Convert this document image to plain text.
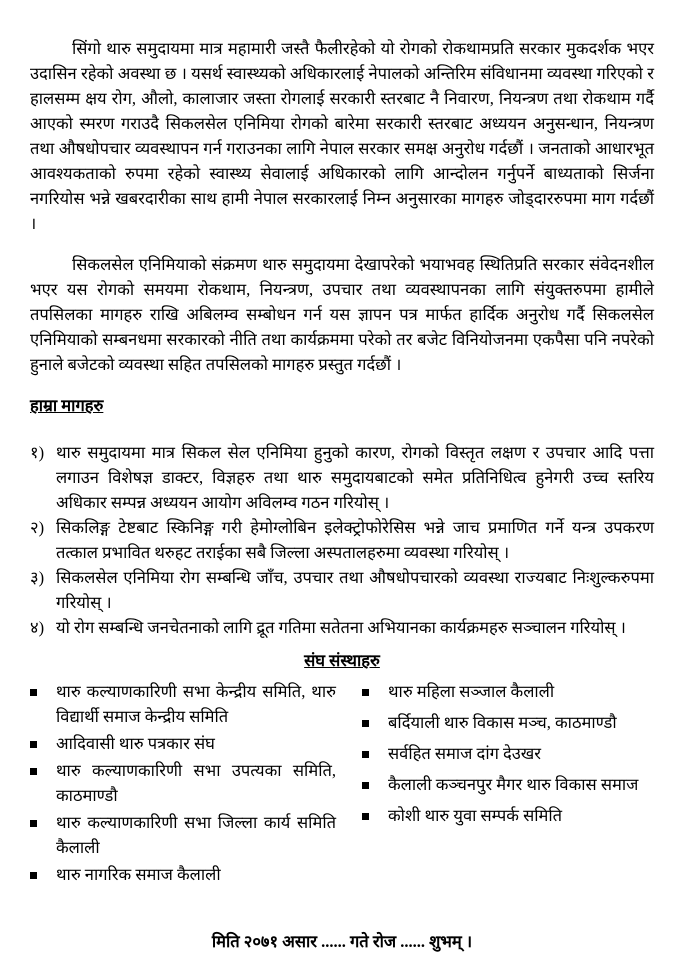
सिंगो थारु समुदायमा मात्र महामारी जस्तै फैलीरहेको यो रोगको रोकथामप्रति सरकार मुकदर्शक भएर उदासिन रहेको अवस्था छ । यसर्थ स्वास्थ्यको अधिकारलाई नेपालको अन्तिरिम संविधानमा व्यवस्था गरिएको र हालसम्म क्षय रोग, औलो, कालाजार जस्ता रोगलाई सरकारी स्तरबाट नै निवारण, नियन्त्रण तथा रोकथाम गर्दै आएको स्मरण गराउदै सिकलसेल एनिमिया रोगको बारेमा सरकारी स्तरबाट अध्ययन अनुसन्धान, नियन्त्रण तथा औषधोपचार व्यवस्थापन गर्न गराउनका लागि नेपाल सरकार समक्ष अनुरोध गर्दछौं । जनताको आधारभूत आवश्यकताको रुपमा रहेको स्वास्थ्य सेवालाई अधिकारको लागि आन्दोलन गर्नुपर्ने बाध्यताको सिर्जना नगरियोस भन्ने खबरदारीका साथ हामी नेपाल सरकारलाई निम्न अनुसारका मागहरु जोड्दाररुपमा माग गर्दछौं ।

सिकलसेल एनिमियाको संक्रमण थारु समुदायमा देखापरेको भयाभवह स्थितिप्रति सरकार संवेदनशील भएर यस रोगको समयमा रोकथाम, नियन्त्रण, उपचार तथा व्यवस्थापनका लागि संयुक्तरुपमा हामीले तपसिलका मागहरु राखि अबिलम्व सम्बोधन गर्न यस ज्ञापन पत्र मार्फत हार्दिक अनुरोध गर्दै सिकलसेल एनिमियाको सम्बनधमा सरकारको नीति तथा कार्यक्रममा परेको तर बजेट विनियोजनमा एकपैसा पनि नपरेको हुनाले बजेटको व्यवस्था सहित तपसिलको मागहरु प्रस्तुत गर्दछौं ।

हाम्रा मागहरु
१) थारु समुदायमा मात्र सिकल सेल एनिमिया हुनुको कारण, रोगको विस्तृत लक्षण र उपचार आदि पत्ता लगाउन विशेषज्ञ डाक्टर, विज्ञहरु तथा थारु समुदायबाटको समेत प्रतिनिधित्व हुनेगरी उच्च स्तरिय अधिकार सम्पन्न अध्ययन आयोग अविलम्व गठन गरियोस् ।
२) सिकलिङ्ग टेष्टबाट स्किनिङ्ग गरी हेमोग्लोबिन इलेक्ट्रोफोरेसिस भन्ने जाच प्रमाणित गर्ने यन्त्र उपकरण तत्काल प्रभावित थरुहट तराईका सबै जिल्ला अस्पतालहरुमा व्यवस्था गरियोस् ।
३) सिकलसेल एनिमिया रोग सम्बन्धि जाँच, उपचार तथा औषधोपचारको व्यवस्था राज्यबाट निःशुल्करुपमा गरियोस् ।
४) यो रोग सम्बन्धि जनचेतनाको लागि द्रूत गतिमा सतेतना अभियानका कार्यक्रमहरु सञ्चालन गरियोस् ।
संघ संस्थाहरु
थारु कल्याणकारिणी सभा केन्द्रीय समिति, थारु विद्यार्थी समाज केन्द्रीय समिति
आदिवासी थारु पत्रकार संघ
थारु कल्याणकारिणी सभा उपत्यका समिति, काठमाण्डौ
थारु कल्याणकारिणी सभा जिल्ला कार्य समिति कैलाली
थारु नागरिक समाज कैलाली
थारु महिला सञ्जाल कैलाली
बर्दियाली थारु विकास मञ्च, काठमाण्डौ
सर्वहित समाज दांग देउखर
कैलाली कञ्चनपुर मैगर थारु विकास समाज
कोशी थारु युवा सम्पर्क समिति

मिति २०७१ असार ...... गते रोज ...... शुभम् ।
